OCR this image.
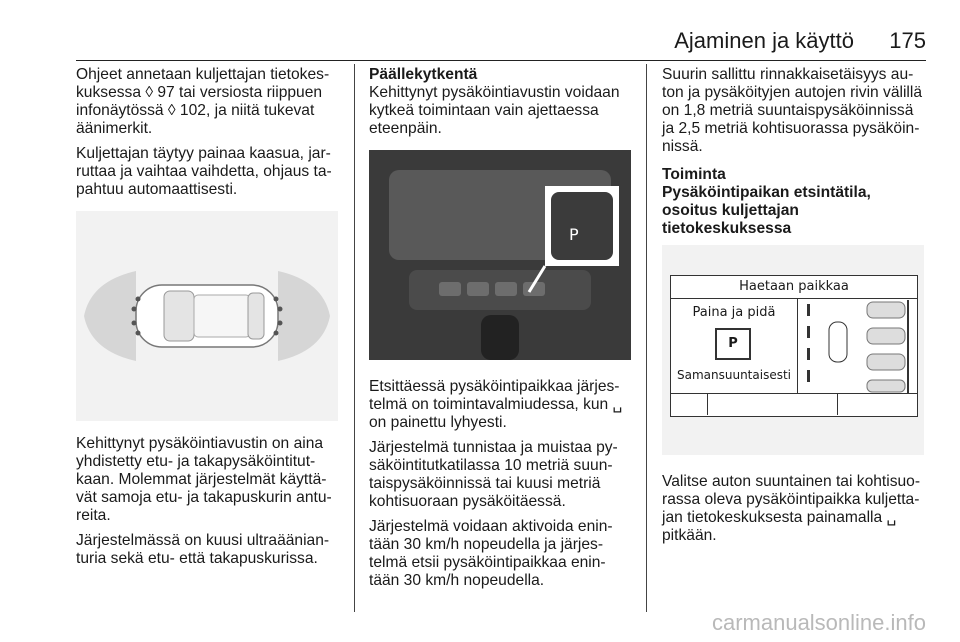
Ajaminen ja käyttö 175

Ohjeet annetaan kuljettajan tietokes-kuksessa ◊ 97 tai versiosta riippuen infonäytössä ◊ 102, ja niitä tukevat äänimerkit.

Kuljettajan täytyy painaa kaasua, jar-ruttaa ja vaihtaa vaihdetta, ohjaus ta-pahtuu automaattisesti.

Kehittynyt pysäköintiavustin on aina yhdistetty etu- ja takapysäköintitut-kaan. Molemmat järjestelmät käyttä-vät samoja etu- ja takapuskurin antu-reita.

Järjestelmässä on kuusi ultraäänian-turia sekä etu- että takapuskurissa.

Päällekytkentä

Kehittynyt pysäköintiavustin voidaan kytkeä toimintaan vain ajettaessa eteenpäin.

P

Etsittäessä pysäköintipaikkaa järjes-telmä on toimintavalmiudessa, kun ␣ on painettu lyhyesti.

Järjestelmä tunnistaa ja muistaa py-säköintitutkatilassa 10 metriä suun-taispysäköinnissä tai kuusi metriä kohtisuoraan pysäköitäessä.

Järjestelmä voidaan aktivoida enin-tään 30 km/h nopeudella ja järjes-telmä etsii pysäköintipaikkaa enin-tään 30 km/h nopeudella.

Suurin sallittu rinnakkaisetäisyys au-ton ja pysäköityjen autojen rivin välillä on 1,8 metriä suuntaispysäköinnissä ja 2,5 metriä kohtisuorassa pysäköin-nissä.

Toiminta

Pysäköintipaikan etsintätila, osoitus kuljettajan tietokeskuksessa

Haetaan paikkaa
Paina ja pidä
P
Samansuuntaisesti

Valitse auton suuntainen tai kohtisuo-rassa oleva pysäköintipaikka kuljetta-jan tietokeskuksesta painamalla ␣ pitkään.

carmanualsonline.info
